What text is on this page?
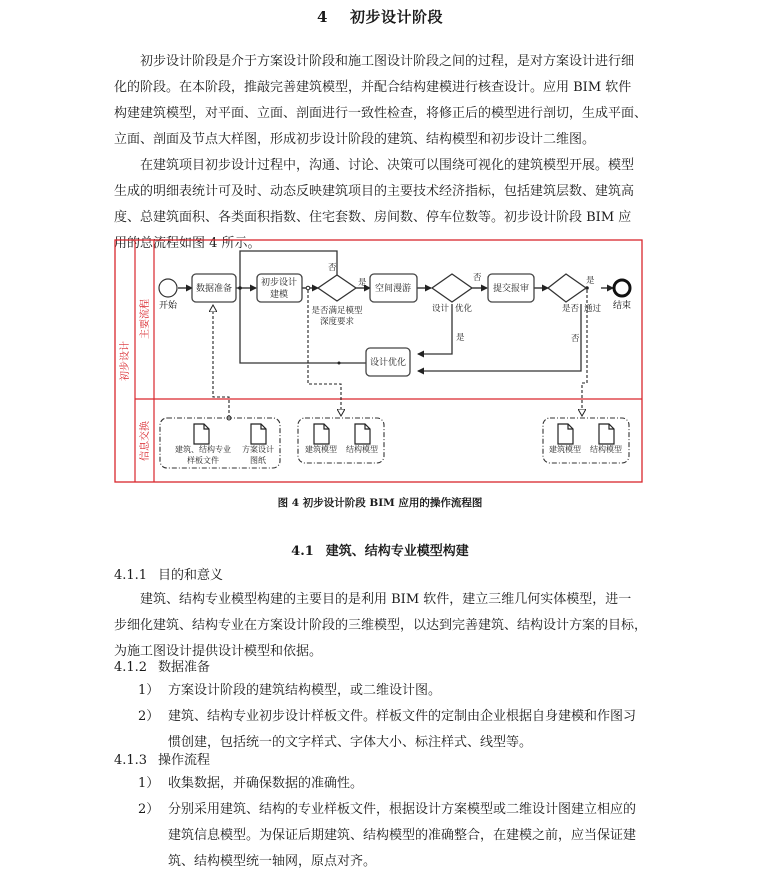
4 初步设计阶段
初步设计阶段是介于方案设计阶段和施工图设计阶段之间的过程，是对方案设计进行细
化的阶段。在本阶段，推敲完善建筑模型，并配合结构建模进行核查设计。应用 BIM 软件
构建建筑模型，对平面、立面、剖面进行一致性检查，将修正后的模型进行剖切，生成平面、
立面、剖面及节点大样图，形成初步设计阶段的建筑、结构模型和初步设计二维图。
在建筑项目初步设计过程中，沟通、讨论、决策可以围绕可视化的建筑模型开展。模型
生成的明细表统计可及时、动态反映建筑项目的主要技术经济指标，包括建筑层数、建筑高
度、总建筑面积、各类面积指数、住宅套数、房间数、停车位数等。初步设计阶段 BIM 应
用的总流程如图 4 所示。
初步设计
主要流程
信息交换
开始	结束
数据准备
初步设计
建模
空间漫游	提交报审
设计优化
是否满足模型
深度要求
设计 优化	是否 通过
否
是	否
是
是
否
建筑、结构专业
样板文件
方案设计
图纸
建筑模型 结构模型	建筑模型 结构模型
图 4 初步设计阶段 BIM 应用的操作流程图
4.1 建筑、结构专业模型构建
4.1.1 目的和意义
建筑、结构专业模型构建的主要目的是利用 BIM 软件，建立三维几何实体模型，进一
步细化建筑、结构专业在方案设计阶段的三维模型，以达到完善建筑、结构设计方案的目标，
为施工图设计提供设计模型和依据。
4.1.2 数据准备
1） 方案设计阶段的建筑结构模型，或二维设计图。
2） 建筑、结构专业初步设计样板文件。样板文件的定制由企业根据自身建模和作图习
惯创建，包括统一的文字样式、字体大小、标注样式、线型等。
4.1.3 操作流程
1） 收集数据，并确保数据的准确性。
2） 分别采用建筑、结构的专业样板文件，根据设计方案模型或二维设计图建立相应的
建筑信息模型。为保证后期建筑、结构模型的准确整合，在建模之前，应当保证建
筑、结构模型统一轴网，原点对齐。
